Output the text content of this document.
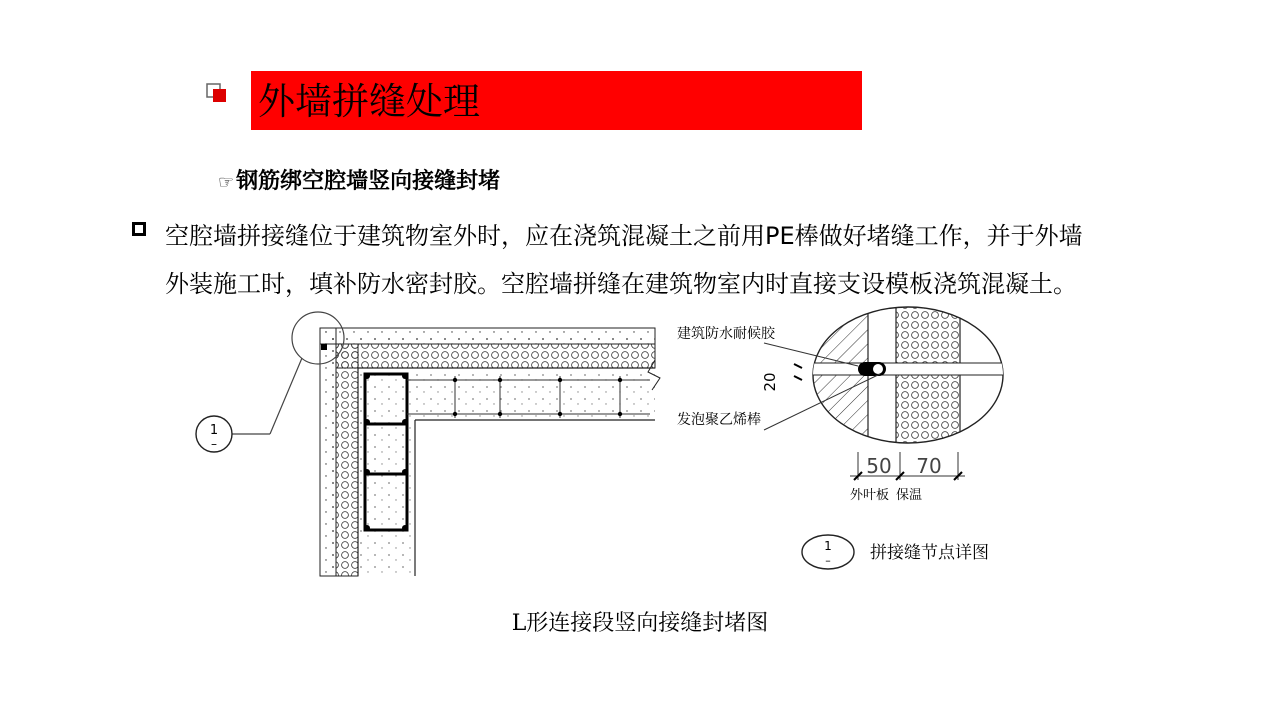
外墙拼缝处理
☞钢筋绑空腔墙竖向接缝封堵
空腔墙拼接缝位于建筑物室外时，应在浇筑混凝土之前用PE棒做好堵缝工作，并于外墙
外装施工时，填补防水密封胶。空腔墙拼缝在建筑物室内时直接支设模板浇筑混凝土。
1
–
建筑防水耐候胶
发泡聚乙烯棒
20
50 70
外叶板 保温
1
– 拼接缝节点详图
L形连接段竖向接缝封堵图
